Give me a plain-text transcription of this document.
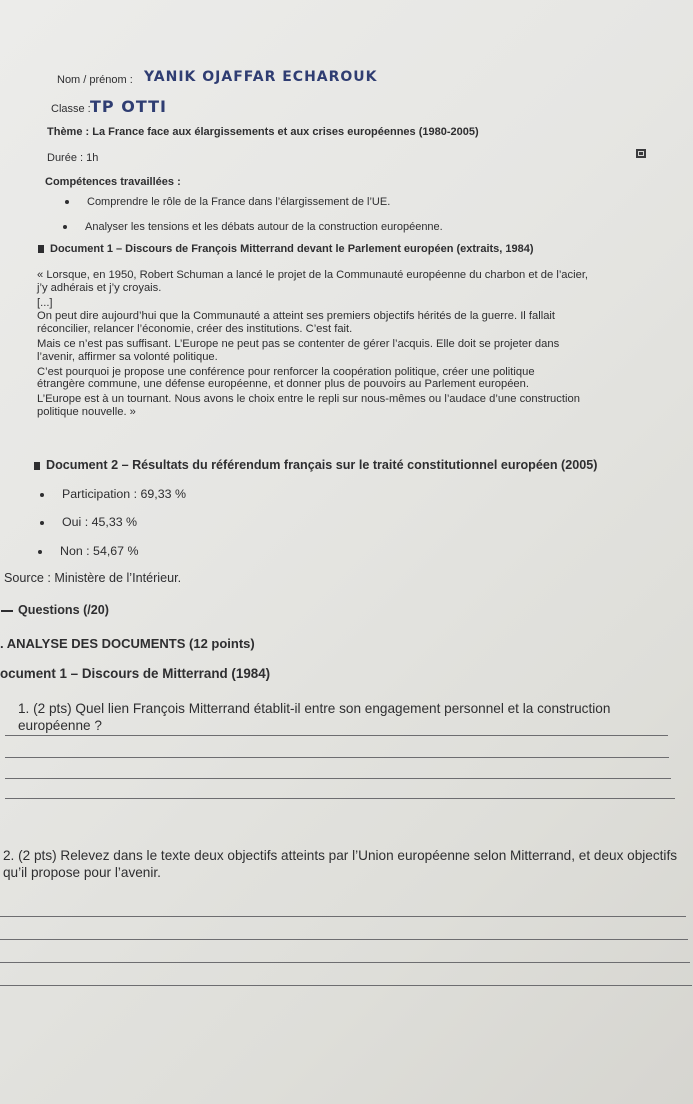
Nom / prénom : YANIK OJAFFAR ECHAROUK
Classe : TP OTTI
Thème : La France face aux élargissements et aux crises européennes (1980-2005)
Durée : 1h
Compétences travaillées :
Comprendre le rôle de la France dans l’élargissement de l’UE.
Analyser les tensions et les débats autour de la construction européenne.
Document 1 – Discours de François Mitterrand devant le Parlement européen (extraits, 1984)

« Lorsque, en 1950, Robert Schuman a lancé le projet de la Communauté européenne du charbon et de l’acier,

j’y adhérais et j’y croyais.

[...]

On peut dire aujourd’hui que la Communauté a atteint ses premiers objectifs hérités de la guerre. Il fallait

réconcilier, relancer l’économie, créer des institutions. C’est fait.

Mais ce n’est pas suffisant. L’Europe ne peut pas se contenter de gérer l’acquis. Elle doit se projeter dans

l’avenir, affirmer sa volonté politique.

C’est pourquoi je propose une conférence pour renforcer la coopération politique, créer une politique

étrangère commune, une défense européenne, et donner plus de pouvoirs au Parlement européen.

L’Europe est à un tournant. Nous avons le choix entre le repli sur nous-mêmes ou l’audace d’une construction

politique nouvelle. »

Document 2 – Résultats du référendum français sur le traité constitutionnel européen (2005)
Participation : 69,33 %
Oui : 45,33 %
Non : 54,67 %
Source : Ministère de l’Intérieur.
Questions (/20)
. ANALYSE DES DOCUMENTS (12 points)
ocument 1 – Discours de Mitterrand (1984)
1. (2 pts) Quel lien François Mitterrand établit-il entre son engagement personnel et la construction européenne ?
2. (2 pts) Relevez dans le texte deux objectifs atteints par l’Union européenne selon Mitterrand, et deux objectifs qu’il propose pour l’avenir.
